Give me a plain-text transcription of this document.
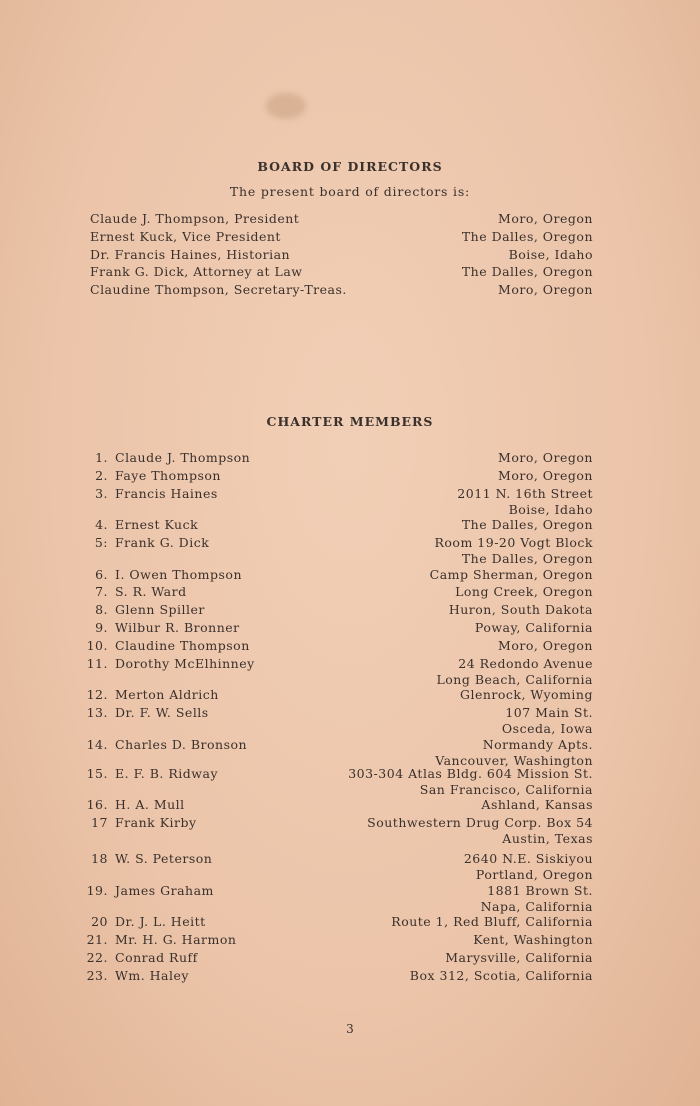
BOARD OF DIRECTORS
The present board of directors is:
Claude J. Thompson, President	Moro, Oregon
Ernest Kuck, Vice President	The Dalles, Oregon
Dr. Francis Haines, Historian	Boise, Idaho
Frank G. Dick, Attorney at Law	The Dalles, Oregon
Claudine Thompson, Secretary-Treas.	Moro, Oregon
CHARTER MEMBERS
1. Claude J. Thompson	Moro, Oregon
2. Faye Thompson	Moro, Oregon
3. Francis Haines	2011 N. 16th Street
Boise, Idaho
4. Ernest Kuck	The Dalles, Oregon
5: Frank G. Dick	Room 19-20 Vogt Block
The Dalles, Oregon
6. I. Owen Thompson	Camp Sherman, Oregon
7. S. R. Ward	Long Creek, Oregon
8. Glenn Spiller	Huron, South Dakota
9. Wilbur R. Bronner	Poway, California
10. Claudine Thompson	Moro, Oregon
11. Dorothy McElhinney	24 Redondo Avenue
Long Beach, California
12. Merton Aldrich	Glenrock, Wyoming
13. Dr. F. W. Sells	107 Main St.
Osceda, Iowa
14. Charles D. Bronson	Normandy Apts.
Vancouver, Washington
15. E. F. B. Ridway	303-304 Atlas Bldg. 604 Mission St.
San Francisco, California
16. H. A. Mull	Ashland, Kansas
17 Frank Kirby	Southwestern Drug Corp. Box 54
Austin, Texas
18 W. S. Peterson	2640 N.E. Siskiyou
Portland, Oregon
19. James Graham	1881 Brown St.
Napa, California
20 Dr. J. L. Heitt	Route 1, Red Bluff, California
21. Mr. H. G. Harmon	Kent, Washington
22. Conrad Ruff	Marysville, California
23. Wm. Haley	Box 312, Scotia, California
3
